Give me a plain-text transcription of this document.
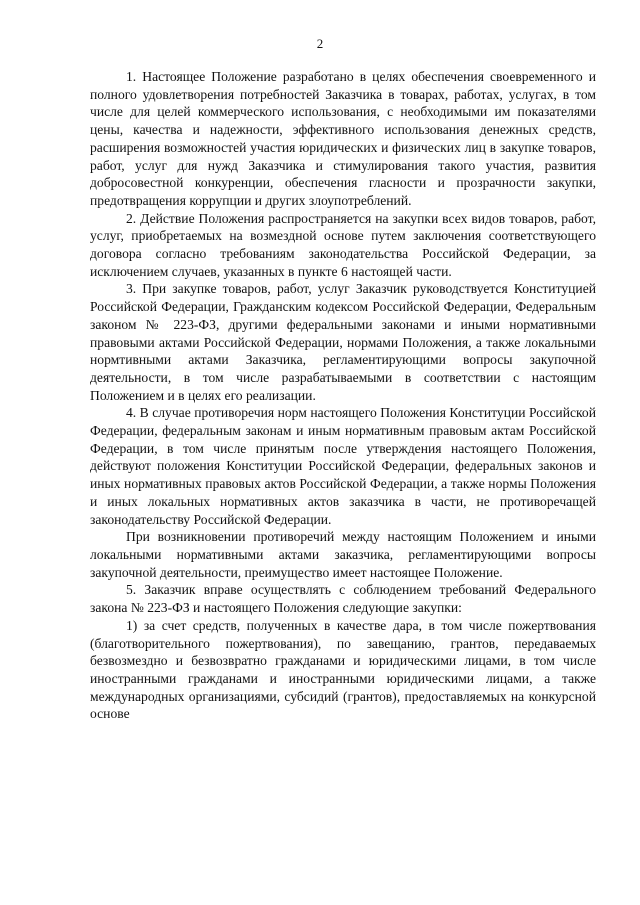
2

1. Настоящее Положение разработано в целях обеспечения своевременного и полного удовлетворения потребностей Заказчика в товарах, работах, услугах, в том числе для целей коммерческого использования, с необходимыми им показателями цены, качества и надежности, эффективного использования денежных средств, расширения возможностей участия юридических и физических лиц в закупке товаров, работ, услуг для нужд Заказчика и стимулирования такого участия, развития добросовестной конкуренции, обеспечения гласности и прозрачности закупки, предотвращения коррупции и других злоупотреблений.

2. Действие Положения распространяется на закупки всех видов товаров, работ, услуг, приобретаемых на возмездной основе путем заключения соответствующего договора согласно требованиям законодательства Российской Федерации, за исключением случаев, указанных в пункте 6 настоящей части.

3. При закупке товаров, работ, услуг Заказчик руководствуется Конституцией Российской Федерации, Гражданским кодексом Российской Федерации, Федеральным законом № 223-ФЗ, другими федеральными законами и иными нормативными правовыми актами Российской Федерации, нормами Положения, а также локальными нормтивными актами Заказчика, регламентирующими вопросы закупочной деятельности, в том числе разрабатываемыми в соответствии с настоящим Положением и в целях его реализации.

4. В случае противоречия норм настоящего Положения Конституции Российской Федерации, федеральным законам и иным нормативным правовым актам Российской Федерации, в том числе принятым после утверждения настоящего Положения, действуют положения Конституции Российской Федерации, федеральных законов и иных нормативных правовых актов Российской Федерации, а также нормы Положения и иных локальных нормативных актов заказчика в части, не противоречащей законодательству Российской Федерации.

При возникновении противоречий между настоящим Положением и иными локальными нормативными актами заказчика, регламентирующими вопросы закупочной деятельности, преимущество имеет настоящее Положение.

5. Заказчик вправе осуществлять с соблюдением требований Федерального закона № 223-ФЗ и настоящего Положения следующие закупки:

1) за счет средств, полученных в качестве дара, в том числе пожертвования (благотворительного пожертвования), по завещанию, грантов, передаваемых безвозмездно и безвозвратно гражданами и юридическими лицами, в том числе иностранными гражданами и иностранными юридическими лицами, а также международных организациями, субсидий (грантов), предоставляемых на конкурсной основе
